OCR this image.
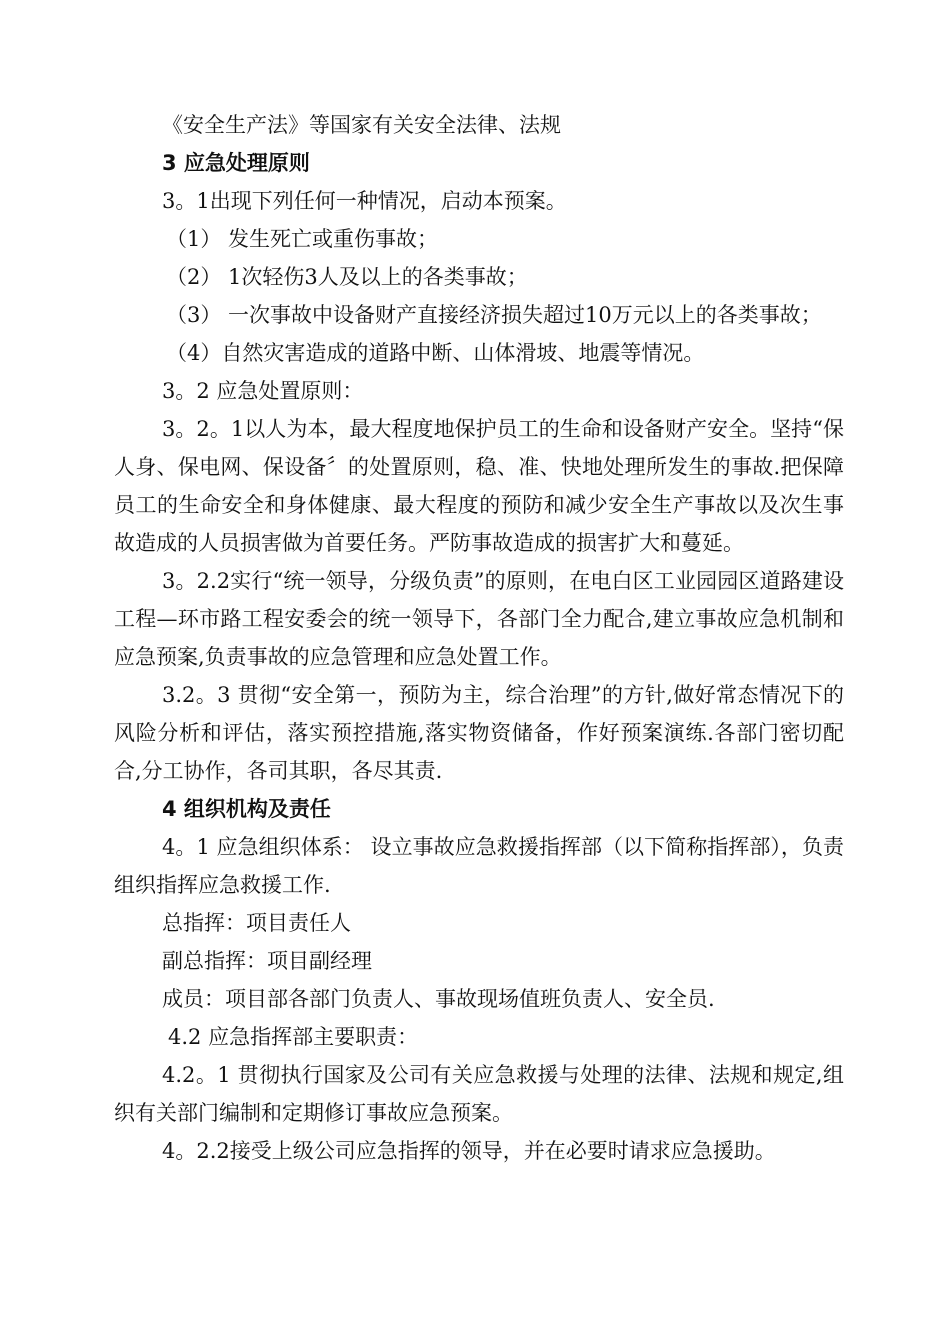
《安全生产法》等国家有关安全法律、法规

3 应急处理原则

3。1出现下列任何一种情况，启动本预案。

（1） 发生死亡或重伤事故；

（2） 1次轻伤3人及以上的各类事故；

（3） 一次事故中设备财产直接经济损失超过10万元以上的各类事故；

（4）自然灾害造成的道路中断、山体滑坡、地震等情况。

3。2 应急处置原则：

3。2。1以人为本，最大程度地保护员工的生命和设备财产安全。坚持“保人身、保电网、保设备〞的处置原则，稳、准、快地处理所发生的事故.把保障员工的生命安全和身体健康、最大程度的预防和减少安全生产事故以及次生事故造成的人员损害做为首要任务。严防事故造成的损害扩大和蔓延。

3。2.2实行“统一领导，分级负责”的原则，在电白区工业园园区道路建设工程—环市路工程安委会的统一领导下，各部门全力配合,建立事故应急机制和应急预案,负责事故的应急管理和应急处置工作。

3.2。3 贯彻“安全第一，预防为主，综合治理”的方针,做好常态情况下的风险分析和评估，落实预控措施,落实物资储备，作好预案演练.各部门密切配合,分工协作，各司其职，各尽其责.

4 组织机构及责任

4。1 应急组织体系： 设立事故应急救援指挥部（以下简称指挥部），负责组织指挥应急救援工作.

总指挥：项目责任人

副总指挥：项目副经理

成员：项目部各部门负责人、事故现场值班负责人、安全员.

4.2 应急指挥部主要职责：

4.2。1 贯彻执行国家及公司有关应急救援与处理的法律、法规和规定,组织有关部门编制和定期修订事故应急预案。

4。2.2接受上级公司应急指挥的领导，并在必要时请求应急援助。
